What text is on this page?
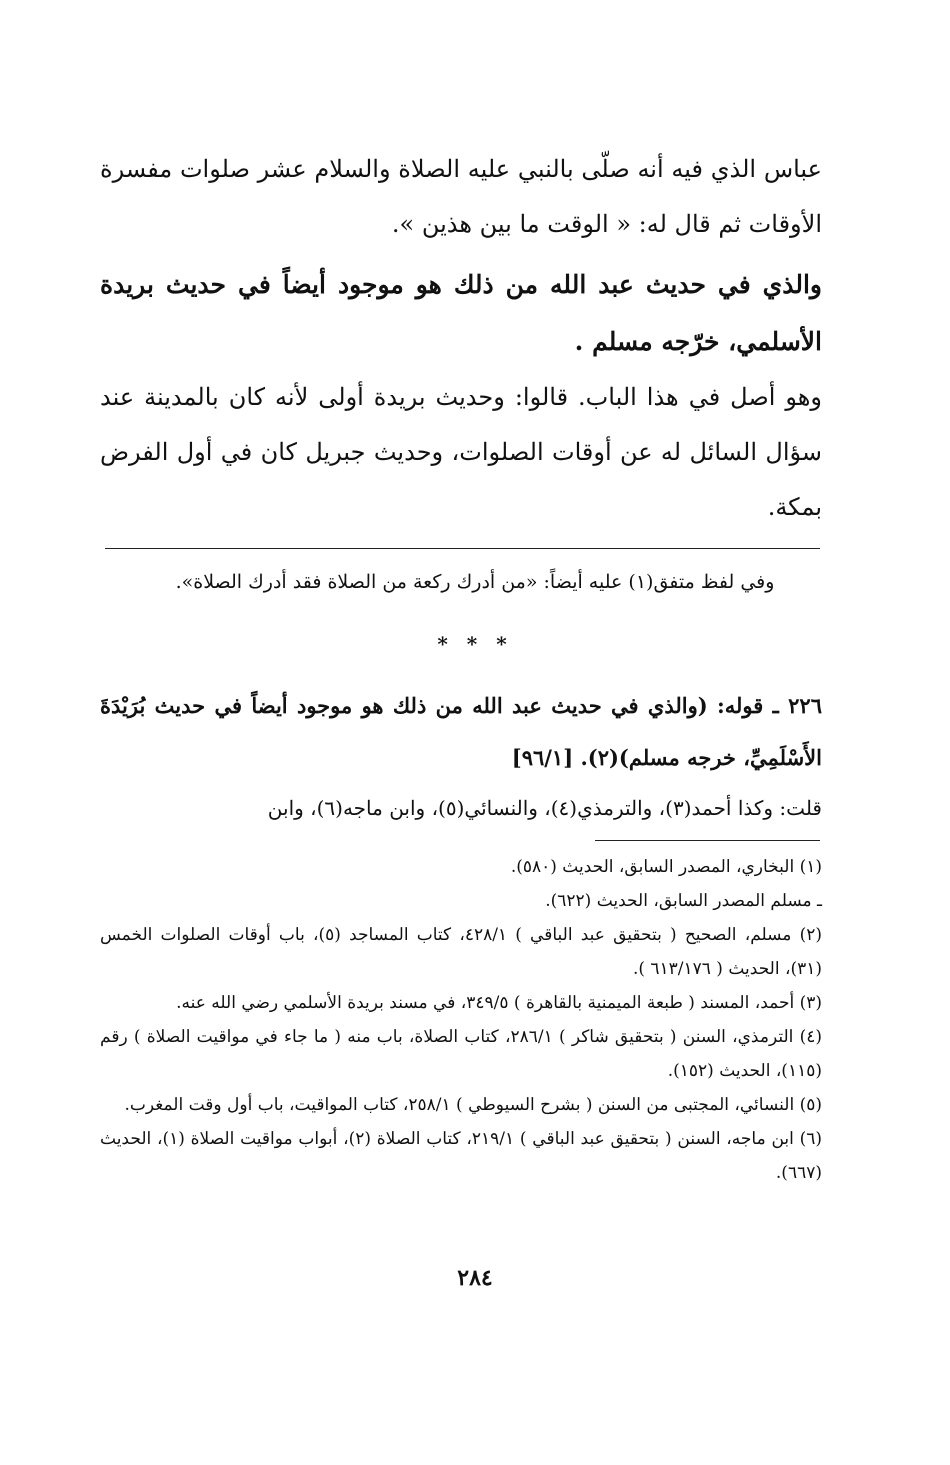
عباس الذي فيه أنه صلّى بالنبي عليه الصلاة والسلام عشر صلوات مفسرة الأوقات ثم قال له: « الوقت ما بين هذين ».

والذي في حديث عبد الله من ذلك هو موجود أيضاً في حديث بريدة الأسلمي، خرّجه مسلم .

وهو أصل في هذا الباب. قالوا: وحديث بريدة أولى لأنه كان بالمدينة عند سؤال السائل له عن أوقات الصلوات، وحديث جبريل كان في أول الفرض بمكة.

وفي لفظ متفق(١) عليه أيضاً: «من أدرك ركعة من الصلاة فقد أدرك الصلاة».

* * *

٢٢٦ ـ قوله: (والذي في حديث عبد الله من ذلك هو موجود أيضاً في حديث بُرَيْدَةَ الأَسْلَمِيِّ، خرجه مسلم)(٢). [٩٦/١]

قلت: وكذا أحمد(٣)، والترمذي(٤)، والنسائي(٥)، وابن ماجه(٦)، وابن

(١) البخاري، المصدر السابق، الحديث (٥٨٠).
ـ مسلم المصدر السابق، الحديث (٦٢٢).
(٢) مسلم، الصحيح ( بتحقيق عبد الباقي ) ٤٢٨/١، كتاب المساجد (٥)، باب أوقات الصلوات الخمس (٣١)، الحديث ( ٦١٣/١٧٦ ).
(٣) أحمد، المسند ( طبعة الميمنية بالقاهرة ) ٣٤٩/٥، في مسند بريدة الأسلمي رضي الله عنه.
(٤) الترمذي، السنن ( بتحقيق شاكر ) ٢٨٦/١، كتاب الصلاة، باب منه ( ما جاء في مواقيت الصلاة ) رقم (١١٥)، الحديث (١٥٢).
(٥) النسائي، المجتبى من السنن ( بشرح السيوطي ) ٢٥٨/١، كتاب المواقيت، باب أول وقت المغرب.
(٦) ابن ماجه، السنن ( بتحقيق عبد الباقي ) ٢١٩/١، كتاب الصلاة (٢)، أبواب مواقيت الصلاة (١)، الحديث (٦٦٧).
٢٨٤
